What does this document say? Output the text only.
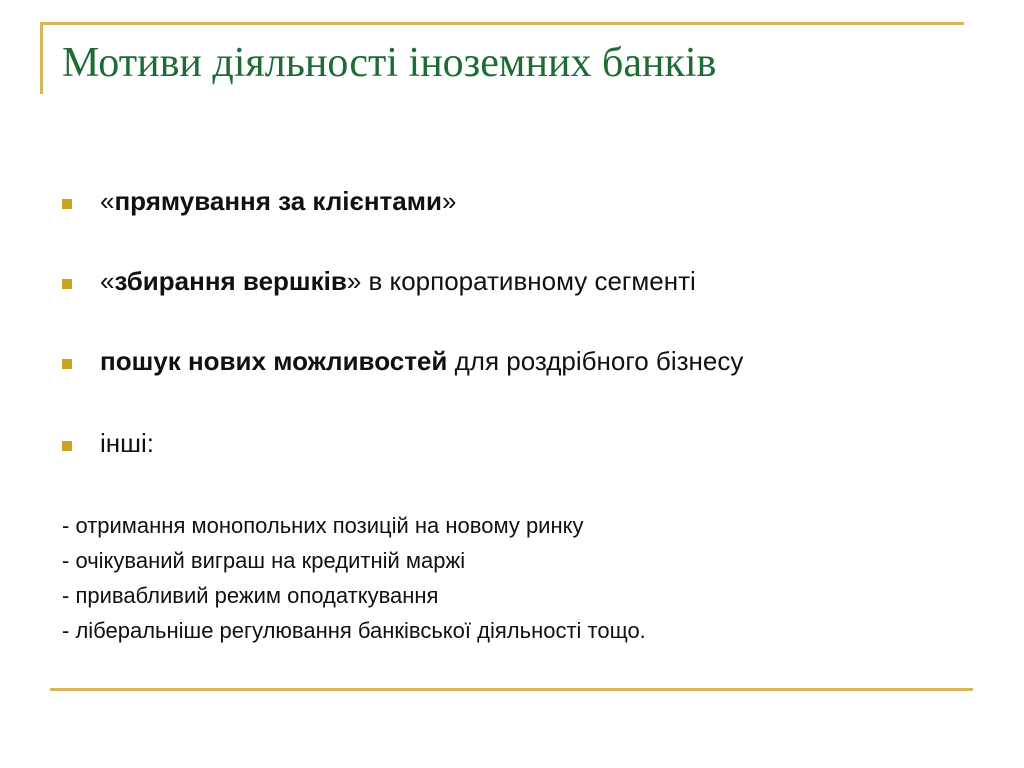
Мотиви діяльності іноземних банків
«прямування за клієнтами»
«збирання вершків» в корпоративному сегменті
пошук нових можливостей для роздрібного бізнесу
інші:
- отримання монопольних позицій на новому ринку
- очікуваний виграш на кредитній маржі
- привабливий режим оподаткування
- ліберальніше регулювання банківської діяльності тощо.
